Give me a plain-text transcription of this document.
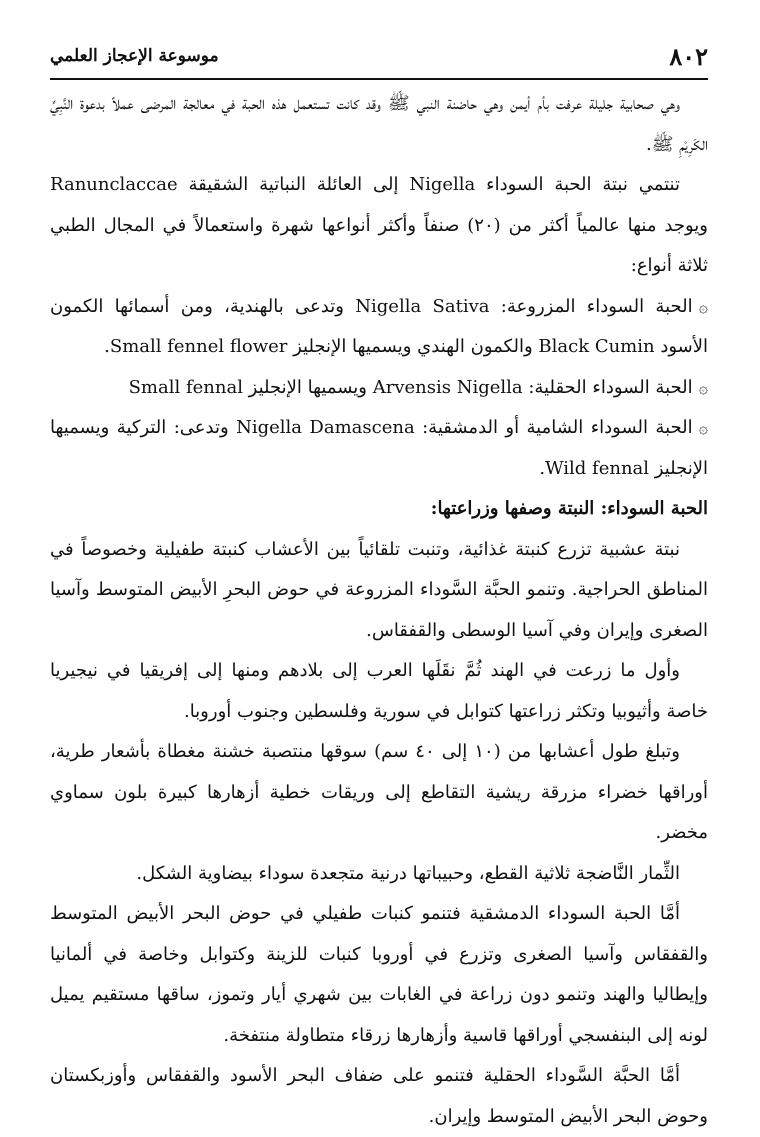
٨٠٢
موسوعة الإعجاز العلمي

وهي صحابية جليلة عرفت بأم أيمن وهي حاضنة النبي ﷺ وقد كانت تستعمل هذه الحبة في معالجة المرضى عملاً بدعوة النَّبِيِّ الكَرِيْمِ ﷺ.

تنتمي نبتة الحبة السوداء Nigella إلى العائلة النباتية الشقيقة Ranunclaccae ويوجد منها عالمياً أكثر من (٢٠) صنفاً وأكثر أنواعها شهرة واستعمالاً في المجال الطبي ثلاثة أنواع:

۞الحبة السوداء المزروعة: Nigella Sativa وتدعى بالهندية، ومن أسمائها الكمون الأسود Black Cumin والكمون الهندي ويسميها الإنجليز Small fennel flower.

۞الحبة السوداء الحقلية: Arvensis Nigella ويسميها الإنجليز Small fennal

۞الحبة السوداء الشامية أو الدمشقية: Nigella Damascena وتدعى: التركية ويسميها الإنجليز Wild fennal.

الحبة السوداء: النبتة وصفها وزراعتها:

نبتة عشبية تزرع كنبتة غذائية، وتنبت تلقائياً بين الأعشاب كنبتة طفيلية وخصوصاً في المناطق الحراجية. وتنمو الحبَّة السَّوداء المزروعة في حوض البحرِ الأبيض المتوسط وآسيا الصغرى وإيران وفي آسيا الوسطى والقفقاس.

وأول ما زرعت في الهند ثُمَّ نقَلَها العرب إلى بلادهم ومنها إلى إفريقيا في نيجيريا خاصة وأثيوبيا وتكثر زراعتها كتوابل في سورية وفلسطين وجنوب أوروبا.

وتبلغ طول أعشابها من (١٠ إلى ٤٠ سم) سوقها منتصبة خشنة مغطاة بأشعار طرية، أوراقها خضراء مزرقة ريشية التقاطع إلى وريقات خطية أزهارها كبيرة بلون سماوي مخضر.

الثِّمار النَّاضجة ثلاثية القطع، وحبيباتها درنية متجعدة سوداء بيضاوية الشكل.

أمَّا الحبة السوداء الدمشقية فتنمو كنبات طفيلي في حوض البحر الأبيض المتوسط والقفقاس وآسيا الصغرى وتزرع في أوروبا كنبات للزينة وكتوابل وخاصة في ألمانيا وإيطاليا والهند وتنمو دون زراعة في الغابات بين شهري أيار وتموز، ساقها مستقيم يميل لونه إلى البنفسجي أوراقها قاسية وأزهارها زرقاء متطاولة منتفخة.

أمَّا الحبَّة السَّوداء الحقلية فتنمو على ضفاف البحر الأسود والقفقاس وأوزبكستان وحوض البحر الأبيض المتوسط وإيران.
